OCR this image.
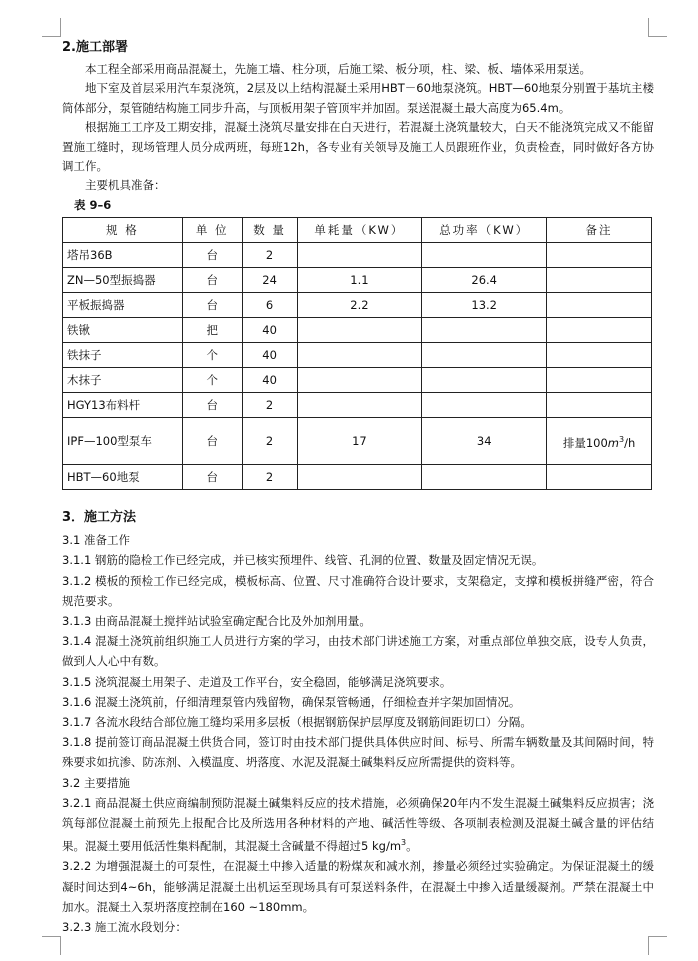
2.施工部署

本工程全部采用商品混凝土，先施工墙、柱分项，后施工梁、板分项，柱、梁、板、墙体采用泵送。

地下室及首层采用汽车泵浇筑，2层及以上结构混凝土采用HBT－60地泵浇筑。HBT—60地泵分别置于基坑主楼筒体部分，泵管随结构施工同步升高，与顶板用架子管顶牢并加固。泵送混凝土最大高度为65.4m。

根据施工工序及工期安排，混凝土浇筑尽量安排在白天进行，若混凝土浇筑量较大，白天不能浇筑完成又不能留置施工缝时，现场管理人员分成两班，每班12h，各专业有关领导及施工人员跟班作业，负责检查，同时做好各方协调工作。

主要机具准备：

表 9–6

规 格	单 位	数 量	单耗量（KW）	总功率（KW）	备注
塔吊36B	台	2			
ZN—50型振捣器	台	24	1.1	26.4	
平板振捣器	台	6	2.2	13.2	
铁锹	把	40			
铁抹子	个	40			
木抹子	个	40			
HGY13布料杆	台	2			
IPF—100型泵车	台	2	17	34	排量$100m^3/h$
HBT—60地泵	台	2			
3．施工方法

3.1 准备工作

3.1.1 钢筋的隐检工作已经完成，并已核实预埋件、线管、孔洞的位置、数量及固定情况无误。

3.1.2 模板的预检工作已经完成，模板标高、位置、尺寸准确符合设计要求，支架稳定，支撑和模板拼缝严密，符合规范要求。

3.1.3 由商品混凝土搅拌站试验室确定配合比及外加剂用量。

3.1.4 混凝土浇筑前组织施工人员进行方案的学习，由技术部门讲述施工方案，对重点部位单独交底，设专人负责，做到人人心中有数。

3.1.5 浇筑混凝土用架子、走道及工作平台，安全稳固，能够满足浇筑要求。

3.1.6 混凝土浇筑前，仔细清理泵管内残留物，确保泵管畅通，仔细检查并字架加固情况。

3.1.7 各流水段结合部位施工缝均采用多层板（根据钢筋保护层厚度及钢筋间距切口）分隔。

3.1.8 提前签订商品混凝土供货合同，签订时由技术部门提供具体供应时间、标号、所需车辆数量及其间隔时间，特殊要求如抗渗、防冻剂、入模温度、坍落度、水泥及混凝土碱集料反应所需提供的资料等。

3.2 主要措施

3.2.1 商品混凝土供应商编制预防混凝土碱集料反应的技术措施，必须确保20年内不发生混凝土碱集料反应损害；浇筑每部位混凝土前预先上报配合比及所选用各种材料的产地、碱活性等级、各项制表检测及混凝土碱含量的评估结果。混凝土要用低活性集料配制，其混凝土含碱量不得超过5 $kg/m^3$。

3.2.2 为增强混凝土的可泵性，在混凝土中掺入适量的粉煤灰和减水剂，掺量必须经过实验确定。为保证混凝土的缓凝时间达到4~6h，能够满足混凝土出机运至现场具有可泵送料条件，在混凝土中掺入适量缓凝剂。严禁在混凝土中加水。混凝土入泵坍落度控制在160 ~180mm。

3.2.3 施工流水段划分：
